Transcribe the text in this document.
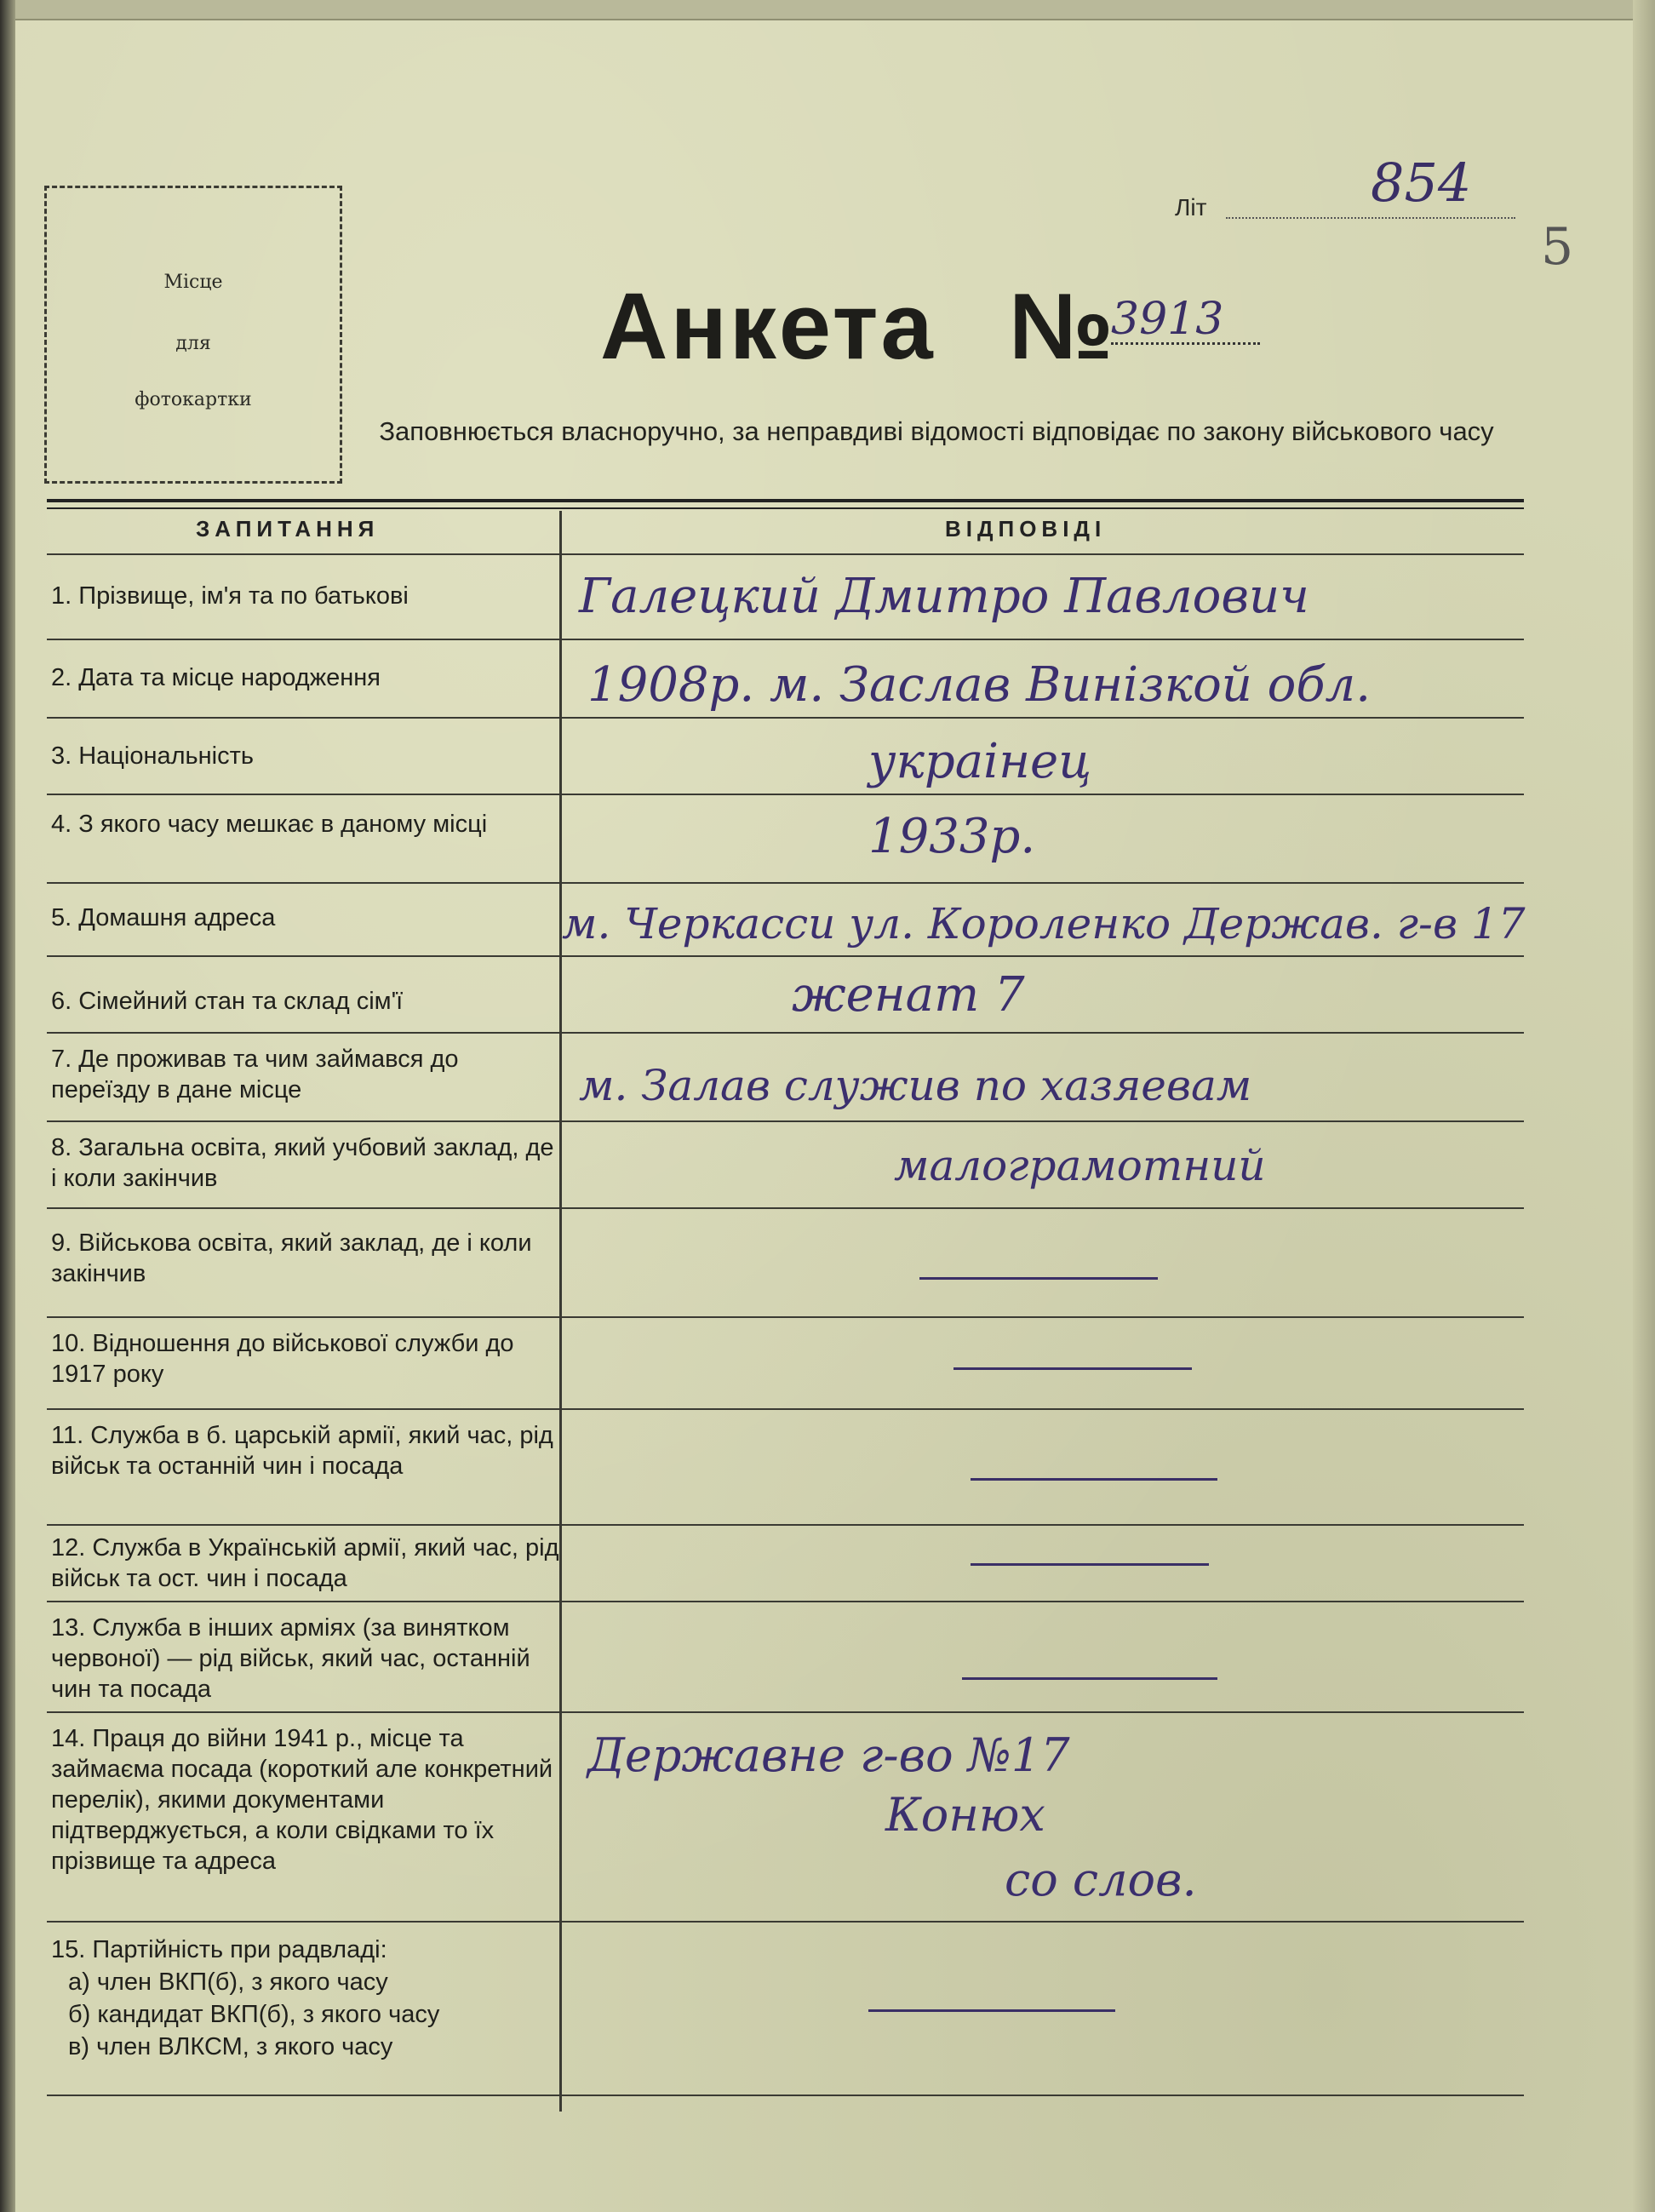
Місце
для
фотокартки
Літ	854
5
Анкета №
3913
Заповнюється власноручно, за неправдиві відомості відповідає по закону військового часу
ЗАПИТАННЯ	ВІДПОВІДІ
1. Прізвище, ім'я та по батькові
2. Дата та місце народження
3. Національність
4. З якого часу мешкає в даному місці
5. Домашня адреса
6. Сімейний стан та склад сім'ї
7. Де проживав та чим займався до переїзду в дане місце
8. Загальна освіта, який учбовий заклад, де і коли закінчив
9. Військова освіта, який заклад, де і коли закінчив
10. Відношення до військової служби до 1917 року
11. Служба в б. царській армії, який час, рід військ та останній чин і посада
12. Служба в Українській армії, який час, рід військ та ост. чин і посада
13. Служба в інших арміях (за винятком червоної) — рід військ, який час, останній чин та посада
14. Праця до війни 1941 р., місце та займаєма посада (короткий але конкретний перелік), якими документами підтверджується, а коли свідками то їх прізвище та адреса
15. Партійність при радвладі:
а) член ВКП(б), з якого часу
б) кандидат ВКП(б), з якого часу
в) член ВЛКСМ, з якого часу
Галецкий Дмитро Павлович
1908р. м. Заслав Винізкой обл.
украінец
1933р.
м. Черкасси ул. Короленко Держав. г-в 17
женат 7
м. Залав служив по хазяевам
малограмотний
Державне г-во №17
Конюх
со слов.
